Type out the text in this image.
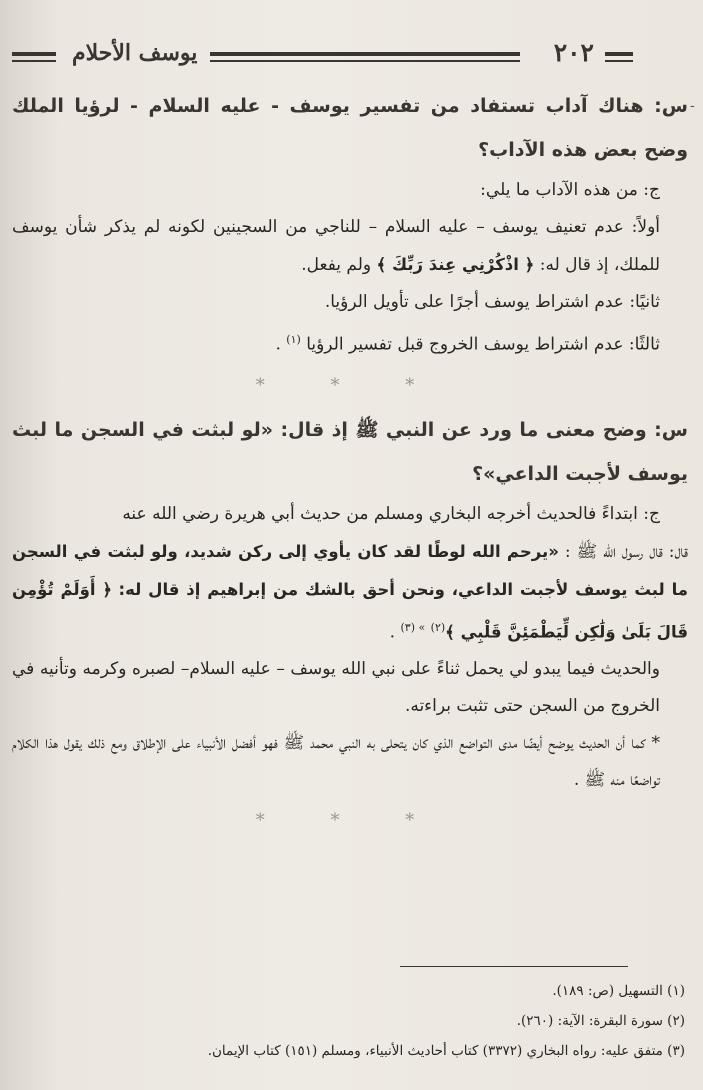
٢٠٢
يوسف الأحلام
-
س: هناك آداب تستفاد من تفسير يوسف - عليه السلام - لرؤيا الملك وضح بعض هذه الآداب؟

ج: من هذه الآداب ما يلي:

أولاً: عدم تعنيف يوسف – عليه السلام – للناجي من السجينين لكونه لم يذكر شأن يوسف للملك، إذ قال له: ﴿ اذْكُرْنِي عِندَ رَبِّكَ ﴾ ولم يفعل.

ثانيًا: عدم اشتراط يوسف أجرًا على تأويل الرؤيا.

ثالثًا: عدم اشتراط يوسف الخروج قبل تفسير الرؤيا $^{(١)}$ .

* * *
س: وضح معنى ما ورد عن النبي ﷺ إذ قال: «لو لبثت في السجن ما لبث يوسف لأجبت الداعي»؟

ج: ابتداءً فالحديث أخرجه البخاري ومسلم من حديث أبي هريرة رضي الله عنه

قال: قال رسول الله ﷺ : «يرحم الله لوطًا لقد كان يأوي إلى ركن شديد، ولو لبثت في السجن ما لبث يوسف لأجبت الداعي، ونحن أحق بالشك من إبراهيم إذ قال له: ﴿ أَوَلَمْ تُؤْمِن قَالَ بَلَىٰ وَلَٰكِن لِّيَطْمَئِنَّ قَلْبِي ﴾$^{(٢)}$ $^{» (٣)}$ .

والحديث فيما يبدو لي يحمل ثناءً على نبي الله يوسف – عليه السلام– لصبره وكرمه وتأنيه في الخروج من السجن حتى تثبت براءته.

* كما أن الحديث يوضح أيضًا مدى التواضع الذي كان يتحلى به النبي محمد ﷺ فهو أفضل الأنبياء على الإطلاق ومع ذلك يقول هذا الكلام تواضعًا منه ﷺ .

* * *
(١) التسهيل (ص: ١٨٩).
(٢) سورة البقرة: الآية: (٢٦٠).
(٣) متفق عليه: رواه البخاري (٣٣٧٢) كتاب أحاديث الأنبياء، ومسلم (١٥١) كتاب الإيمان.
